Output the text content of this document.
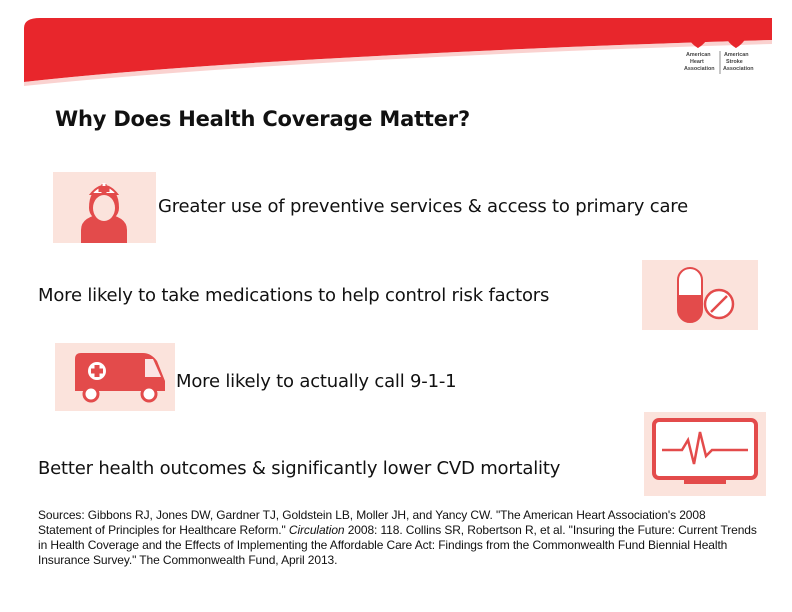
American
Heart
Association
American
Stroke
Association
Why Does Health Coverage Matter?

Greater use of preventive services & access to primary care

More likely to take medications to help control risk factors

More likely to actually call 9-1-1

Better health outcomes & significantly lower CVD mortality

Sources: Gibbons RJ, Jones DW, Gardner TJ, Goldstein LB, Moller JH, and Yancy CW. "The American Heart Association's 2008 Statement of Principles for Healthcare Reform." Circulation 2008: 118. Collins SR, Robertson R, et al. "Insuring the Future: Current Trends in Health Coverage and the Effects of Implementing the Affordable Care Act: Findings from the Commonwealth Fund Biennial Health Insurance Survey." The Commonwealth Fund, April 2013.
